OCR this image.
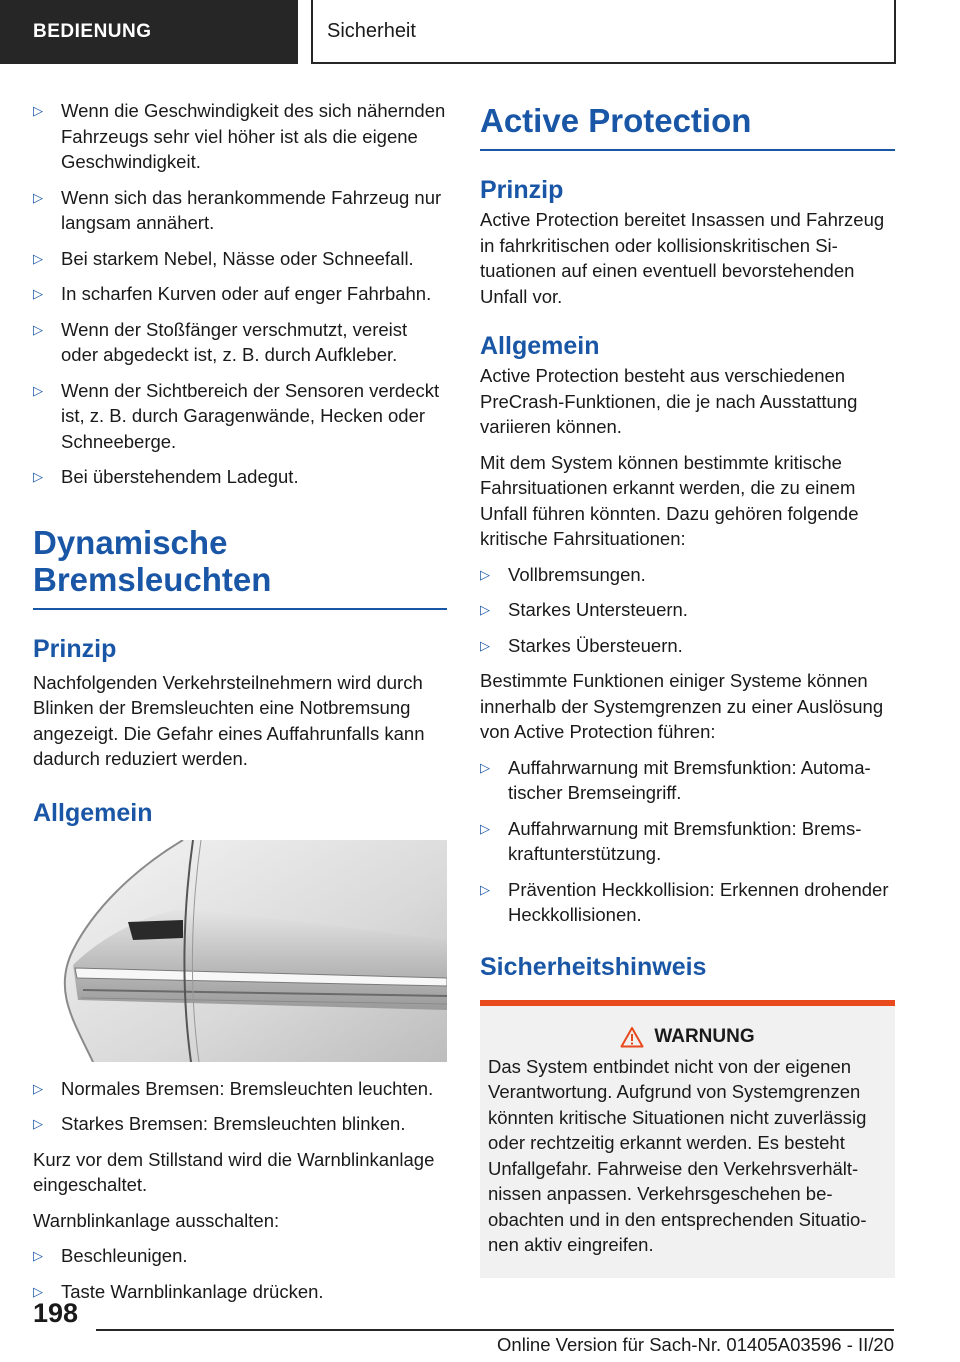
BEDIENUNG	Sicherheit
▷ Wenn die Geschwindigkeit des sich nähernden Fahrzeugs sehr viel höher ist als die eigene Geschwindigkeit.
▷ Wenn sich das herankommende Fahrzeug nur langsam annähert.
▷ Bei starkem Nebel, Nässe oder Schneefall.
▷ In scharfen Kurven oder auf enger Fahrbahn.
▷ Wenn der Stoßfänger verschmutzt, vereist oder abgedeckt ist, z. B. durch Aufkleber.
▷ Wenn der Sichtbereich der Sensoren verdeckt ist, z. B. durch Garagenwände, Hecken oder Schneeberge.
▷ Bei überstehendem Ladegut.
Dynamische
Bremsleuchten
Prinzip

Nachfolgenden Verkehrsteilnehmern wird durch Blinken der Bremsleuchten eine Notbremsung angezeigt. Die Gefahr eines Auffahrunfalls kann dadurch reduziert werden.

Allgemein
▷ Normales Bremsen: Bremsleuchten leuchten.
▷ Starkes Bremsen: Bremsleuchten blinken.

Kurz vor dem Stillstand wird die Warnblinkanlage eingeschaltet.

Warnblinkanlage ausschalten:

▷ Beschleunigen.
▷ Taste Warnblinkanlage drücken.
Active Protection
Prinzip

Active Protection bereitet Insassen und Fahrzeug in fahrkritischen oder kollisionskritischen Situationen auf einen eventuell bevorstehenden Unfall vor.

Allgemein

Active Protection besteht aus verschiedenen PreCrash-Funktionen, die je nach Ausstattung variieren können.

Mit dem System können bestimmte kritische Fahrsituationen erkannt werden, die zu einem Unfall führen könnten. Dazu gehören folgende kritische Fahrsituationen:

▷ Vollbremsungen.
▷ Starkes Untersteuern.
▷ Starkes Übersteuern.

Bestimmte Funktionen einiger Systeme können innerhalb der Systemgrenzen zu einer Auslösung von Active Protection führen:

▷ Auffahrwarnung mit Bremsfunktion: Automatischer Bremseingriff.
▷ Auffahrwarnung mit Bremsfunktion: Bremskraftunterstützung.
▷ Prävention Heckkollision: Erkennen drohender Heckkollisionen.
Sicherheitshinweis
WARNUNG

Das System entbindet nicht von der eigenen Verantwortung. Aufgrund von Systemgrenzen könnten kritische Situationen nicht zuverlässig oder rechtzeitig erkannt werden. Es besteht Unfallgefahr. Fahrweise den Verkehrsverhältnissen anpassen. Verkehrsgeschehen beobachten und in den entsprechenden Situationen aktiv eingreifen.

198
Online Version für Sach-Nr. 01405A03596 - II/20
